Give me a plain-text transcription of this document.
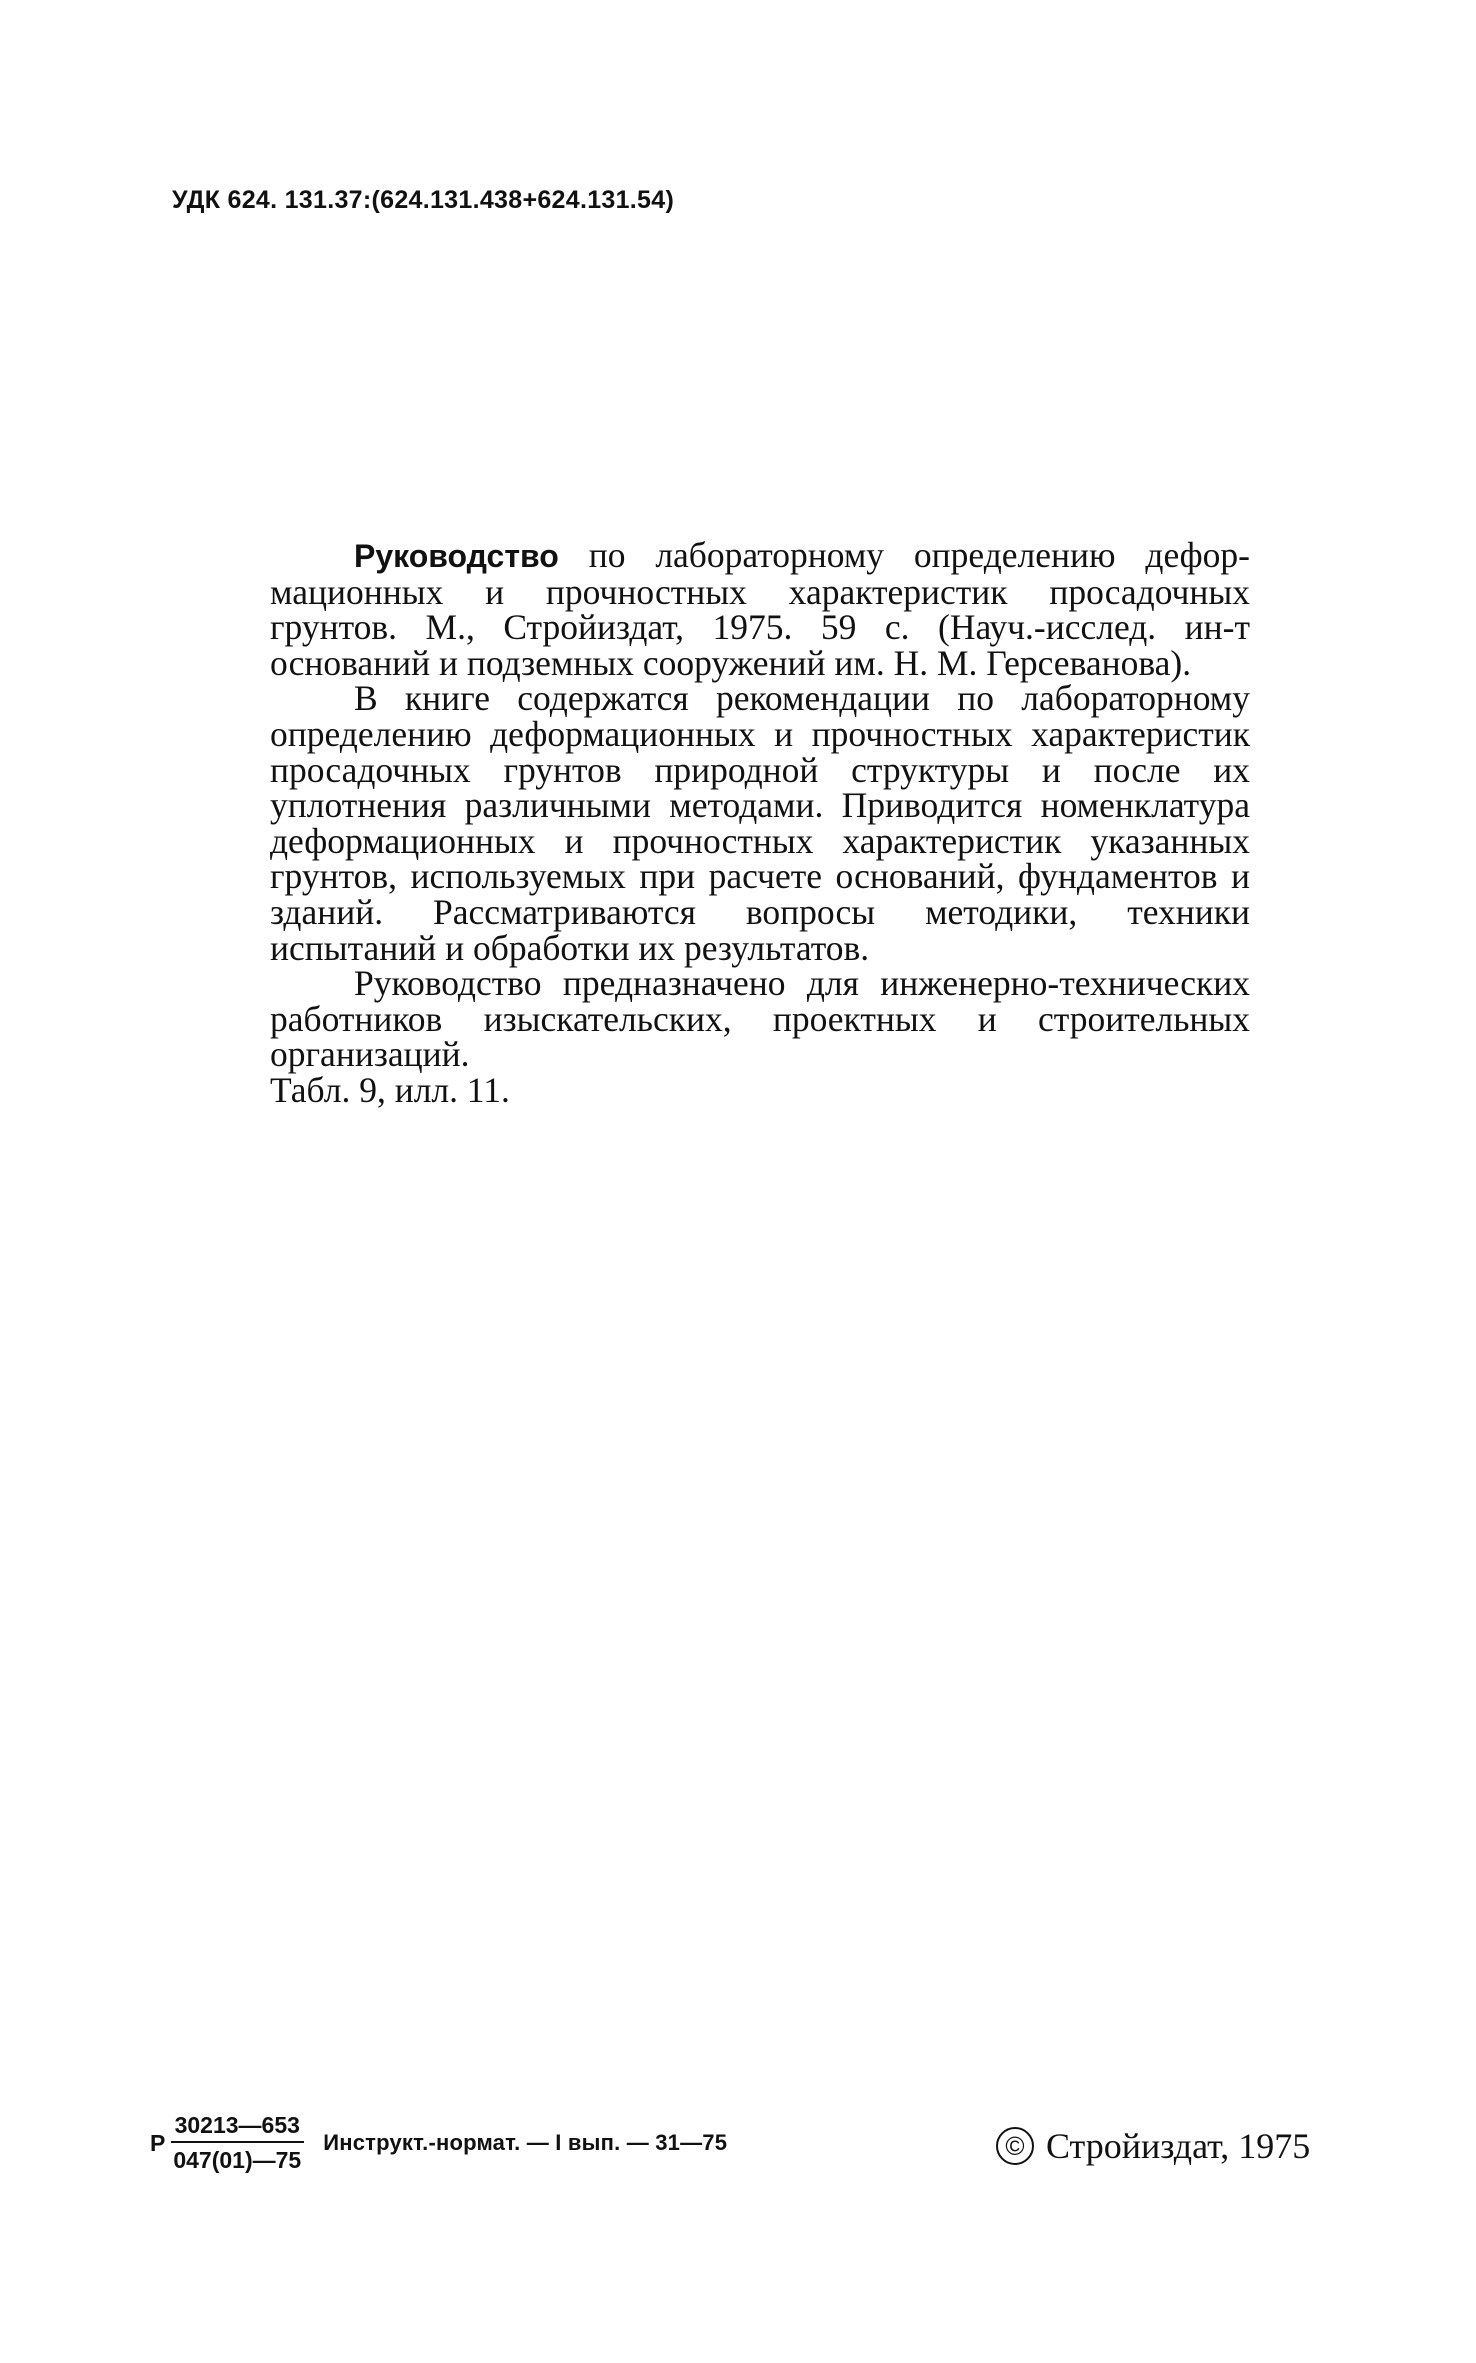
УДК 624. 131.37:(624.131.438+624.131.54)

Руководство по лабораторному определению деформационных и прочностных характеристик просадочных грунтов. М., Стройиздат, 1975. 59 с. (Науч.-исслед. ин-т оснований и подземных сооружений им. Н. М. Герсеванова).

В книге содержатся рекомендации по лабораторному определению деформационных и прочностных характеристик просадочных грунтов природной структуры и после их уплотнения различными методами. Приводится номенклатура деформационных и прочностных характеристик указанных грунтов, используемых при расчете оснований, фундаментов и зданий. Рассматриваются вопросы методики, техники испытаний и обработки их результатов.

Руководство предназначено для инженерно-технических работников изыскательских, проектных и строительных организаций.

Табл. 9, илл. 11.

Р $\frac{30213—653}{047(01)—75}$ Инструкт.-нормат. — I вып. — 31—75	© Стройиздат, 1975
